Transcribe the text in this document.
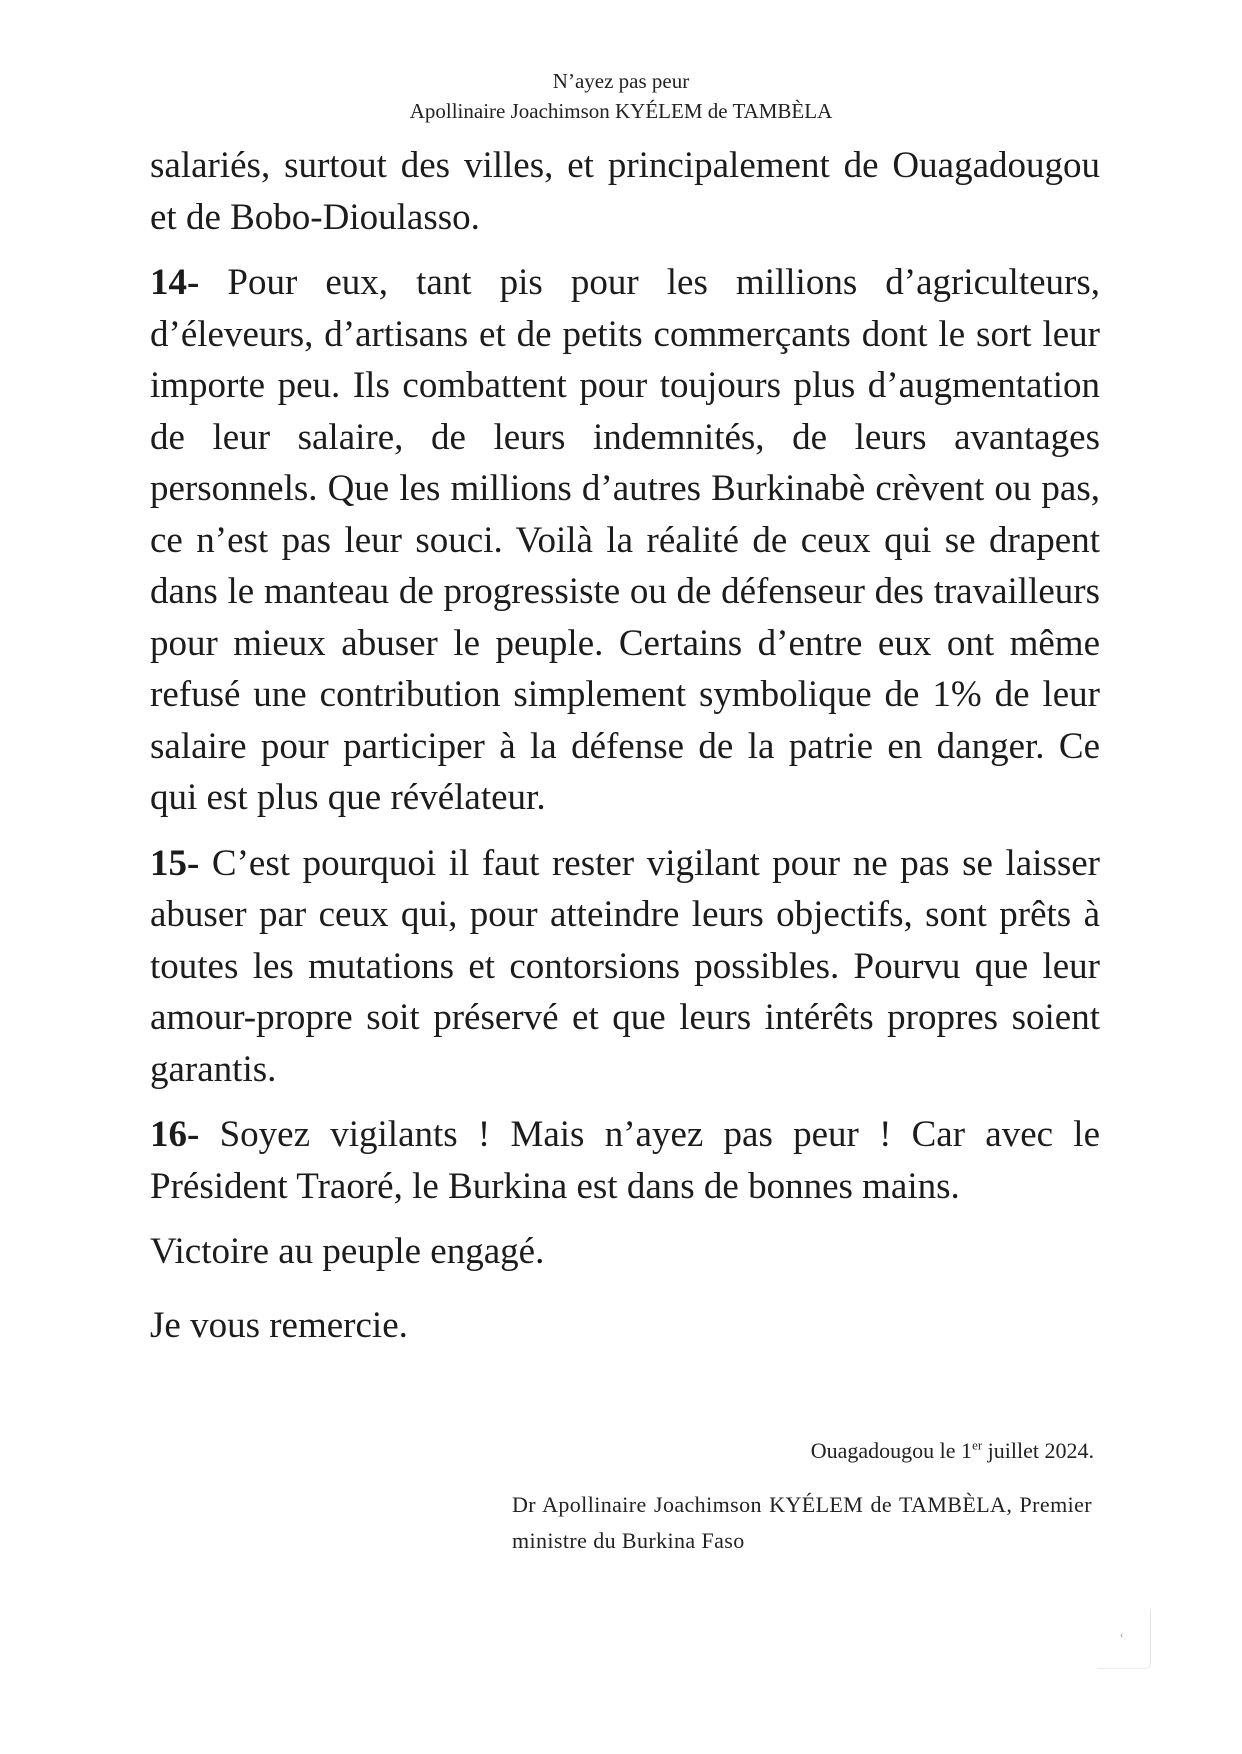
N’ayez pas peur
Apollinaire Joachimson KYÉLEM de TAMBÈLA

salariés, surtout des villes, et principalement de Ouagadougou et de Bobo-Dioulasso.

14- Pour eux, tant pis pour les millions d’agriculteurs, d’éleveurs, d’artisans et de petits commerçants dont le sort leur importe peu. Ils combattent pour toujours plus d’augmentation de leur salaire, de leurs indemnités, de leurs avantages personnels. Que les millions d’autres Burkinabè crèvent ou pas, ce n’est pas leur souci. Voilà la réalité de ceux qui se drapent dans le manteau de progressiste ou de défenseur des travailleurs pour mieux abuser le peuple. Certains d’entre eux ont même refusé une contribution simplement symbolique de 1% de leur salaire pour participer à la défense de la patrie en danger. Ce qui est plus que révélateur.

15- C’est pourquoi il faut rester vigilant pour ne pas se laisser abuser par ceux qui, pour atteindre leurs objectifs, sont prêts à toutes les mutations et contorsions possibles. Pourvu que leur amour-propre soit préservé et que leurs intérêts propres soient garantis.

16- Soyez vigilants ! Mais n’ayez pas peur ! Car avec le Président Traoré, le Burkina est dans de bonnes mains.

Victoire au peuple engagé.

Je vous remercie.

Ouagadougou le 1er juillet 2024.
Dr Apollinaire Joachimson KYÉLEM de TAMBÈLA, Premier ministre du Burkina Faso
‹
